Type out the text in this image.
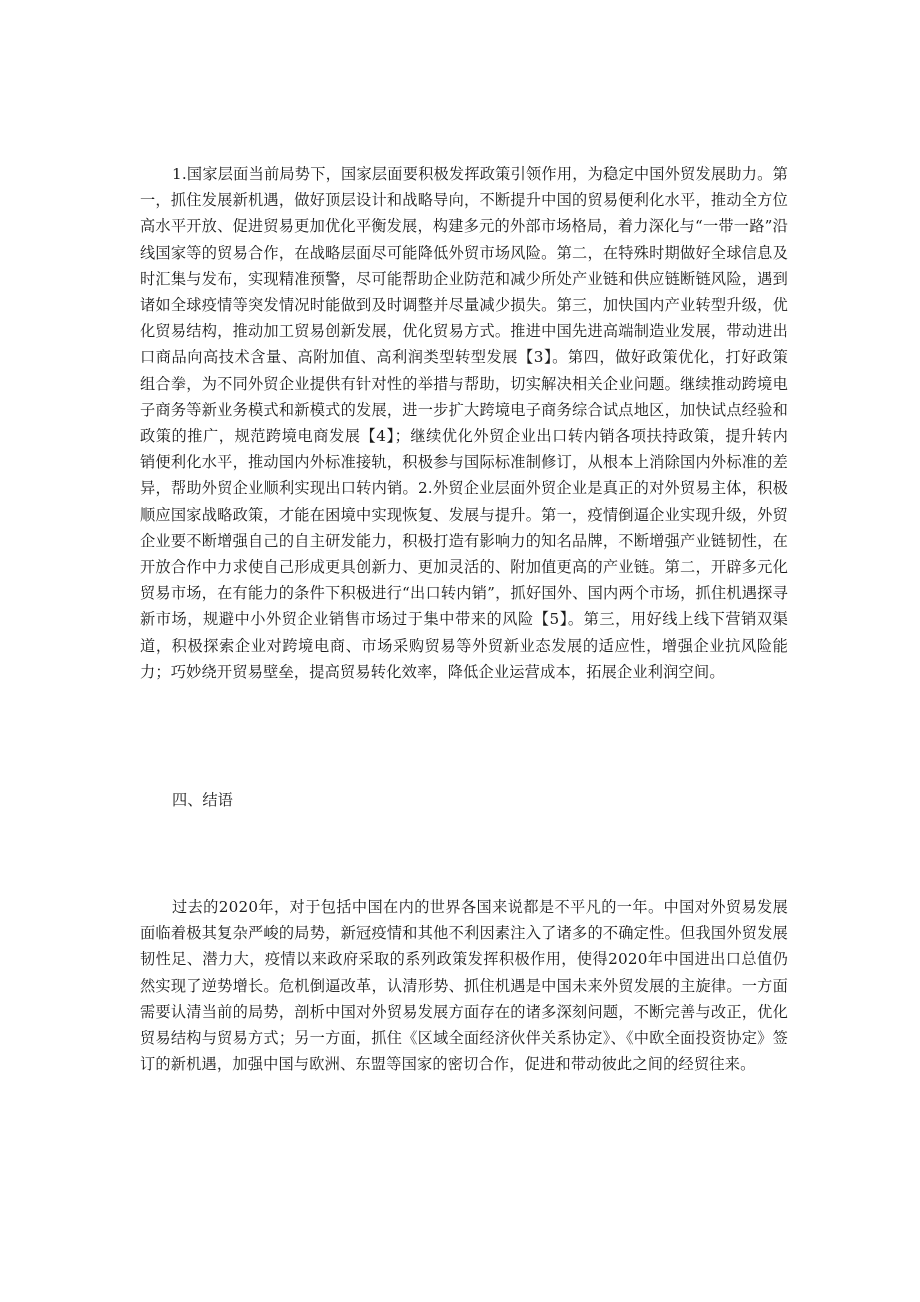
1.国家层面当前局势下，国家层面要积极发挥政策引领作用，为稳定中国外贸发展助力。第一，抓住发展新机遇，做好顶层设计和战略导向，不断提升中国的贸易便利化水平，推动全方位高水平开放、促进贸易更加优化平衡发展，构建多元的外部市场格局，着力深化与“一带一路”沿线国家等的贸易合作，在战略层面尽可能降低外贸市场风险。第二，在特殊时期做好全球信息及时汇集与发布，实现精准预警，尽可能帮助企业防范和减少所处产业链和供应链断链风险，遇到诸如全球疫情等突发情况时能做到及时调整并尽量减少损失。第三，加快国内产业转型升级，优化贸易结构，推动加工贸易创新发展，优化贸易方式。推进中国先进高端制造业发展，带动进出口商品向高技术含量、高附加值、高利润类型转型发展【3】。第四，做好政策优化，打好政策组合拳，为不同外贸企业提供有针对性的举措与帮助，切实解决相关企业问题。继续推动跨境电子商务等新业务模式和新模式的发展，进一步扩大跨境电子商务综合试点地区，加快试点经验和政策的推广，规范跨境电商发展【4】；继续优化外贸企业出口转内销各项扶持政策，提升转内销便利化水平，推动国内外标准接轨，积极参与国际标准制修订，从根本上消除国内外标准的差异，帮助外贸企业顺利实现出口转内销。2.外贸企业层面外贸企业是真正的对外贸易主体，积极顺应国家战略政策，才能在困境中实现恢复、发展与提升。第一，疫情倒逼企业实现升级，外贸企业要不断增强自己的自主研发能力，积极打造有影响力的知名品牌，不断增强产业链韧性，在开放合作中力求使自己形成更具创新力、更加灵活的、附加值更高的产业链。第二，开辟多元化贸易市场，在有能力的条件下积极进行“出口转内销”，抓好国外、国内两个市场，抓住机遇探寻新市场，规避中小外贸企业销售市场过于集中带来的风险【5】。第三，用好线上线下营销双渠道，积极探索企业对跨境电商、市场采购贸易等外贸新业态发展的适应性，增强企业抗风险能力；巧妙绕开贸易壁垒，提高贸易转化效率，降低企业运营成本，拓展企业利润空间。

四、结语

过去的2020年，对于包括中国在内的世界各国来说都是不平凡的一年。中国对外贸易发展面临着极其复杂严峻的局势，新冠疫情和其他不利因素注入了诸多的不确定性。但我国外贸发展韧性足、潜力大，疫情以来政府采取的系列政策发挥积极作用，使得2020年中国进出口总值仍然实现了逆势增长。危机倒逼改革，认清形势、抓住机遇是中国未来外贸发展的主旋律。一方面需要认清当前的局势，剖析中国对外贸易发展方面存在的诸多深刻问题，不断完善与改正，优化贸易结构与贸易方式；另一方面，抓住《区域全面经济伙伴关系协定》、《中欧全面投资协定》签订的新机遇，加强中国与欧洲、东盟等国家的密切合作，促进和带动彼此之间的经贸往来。
